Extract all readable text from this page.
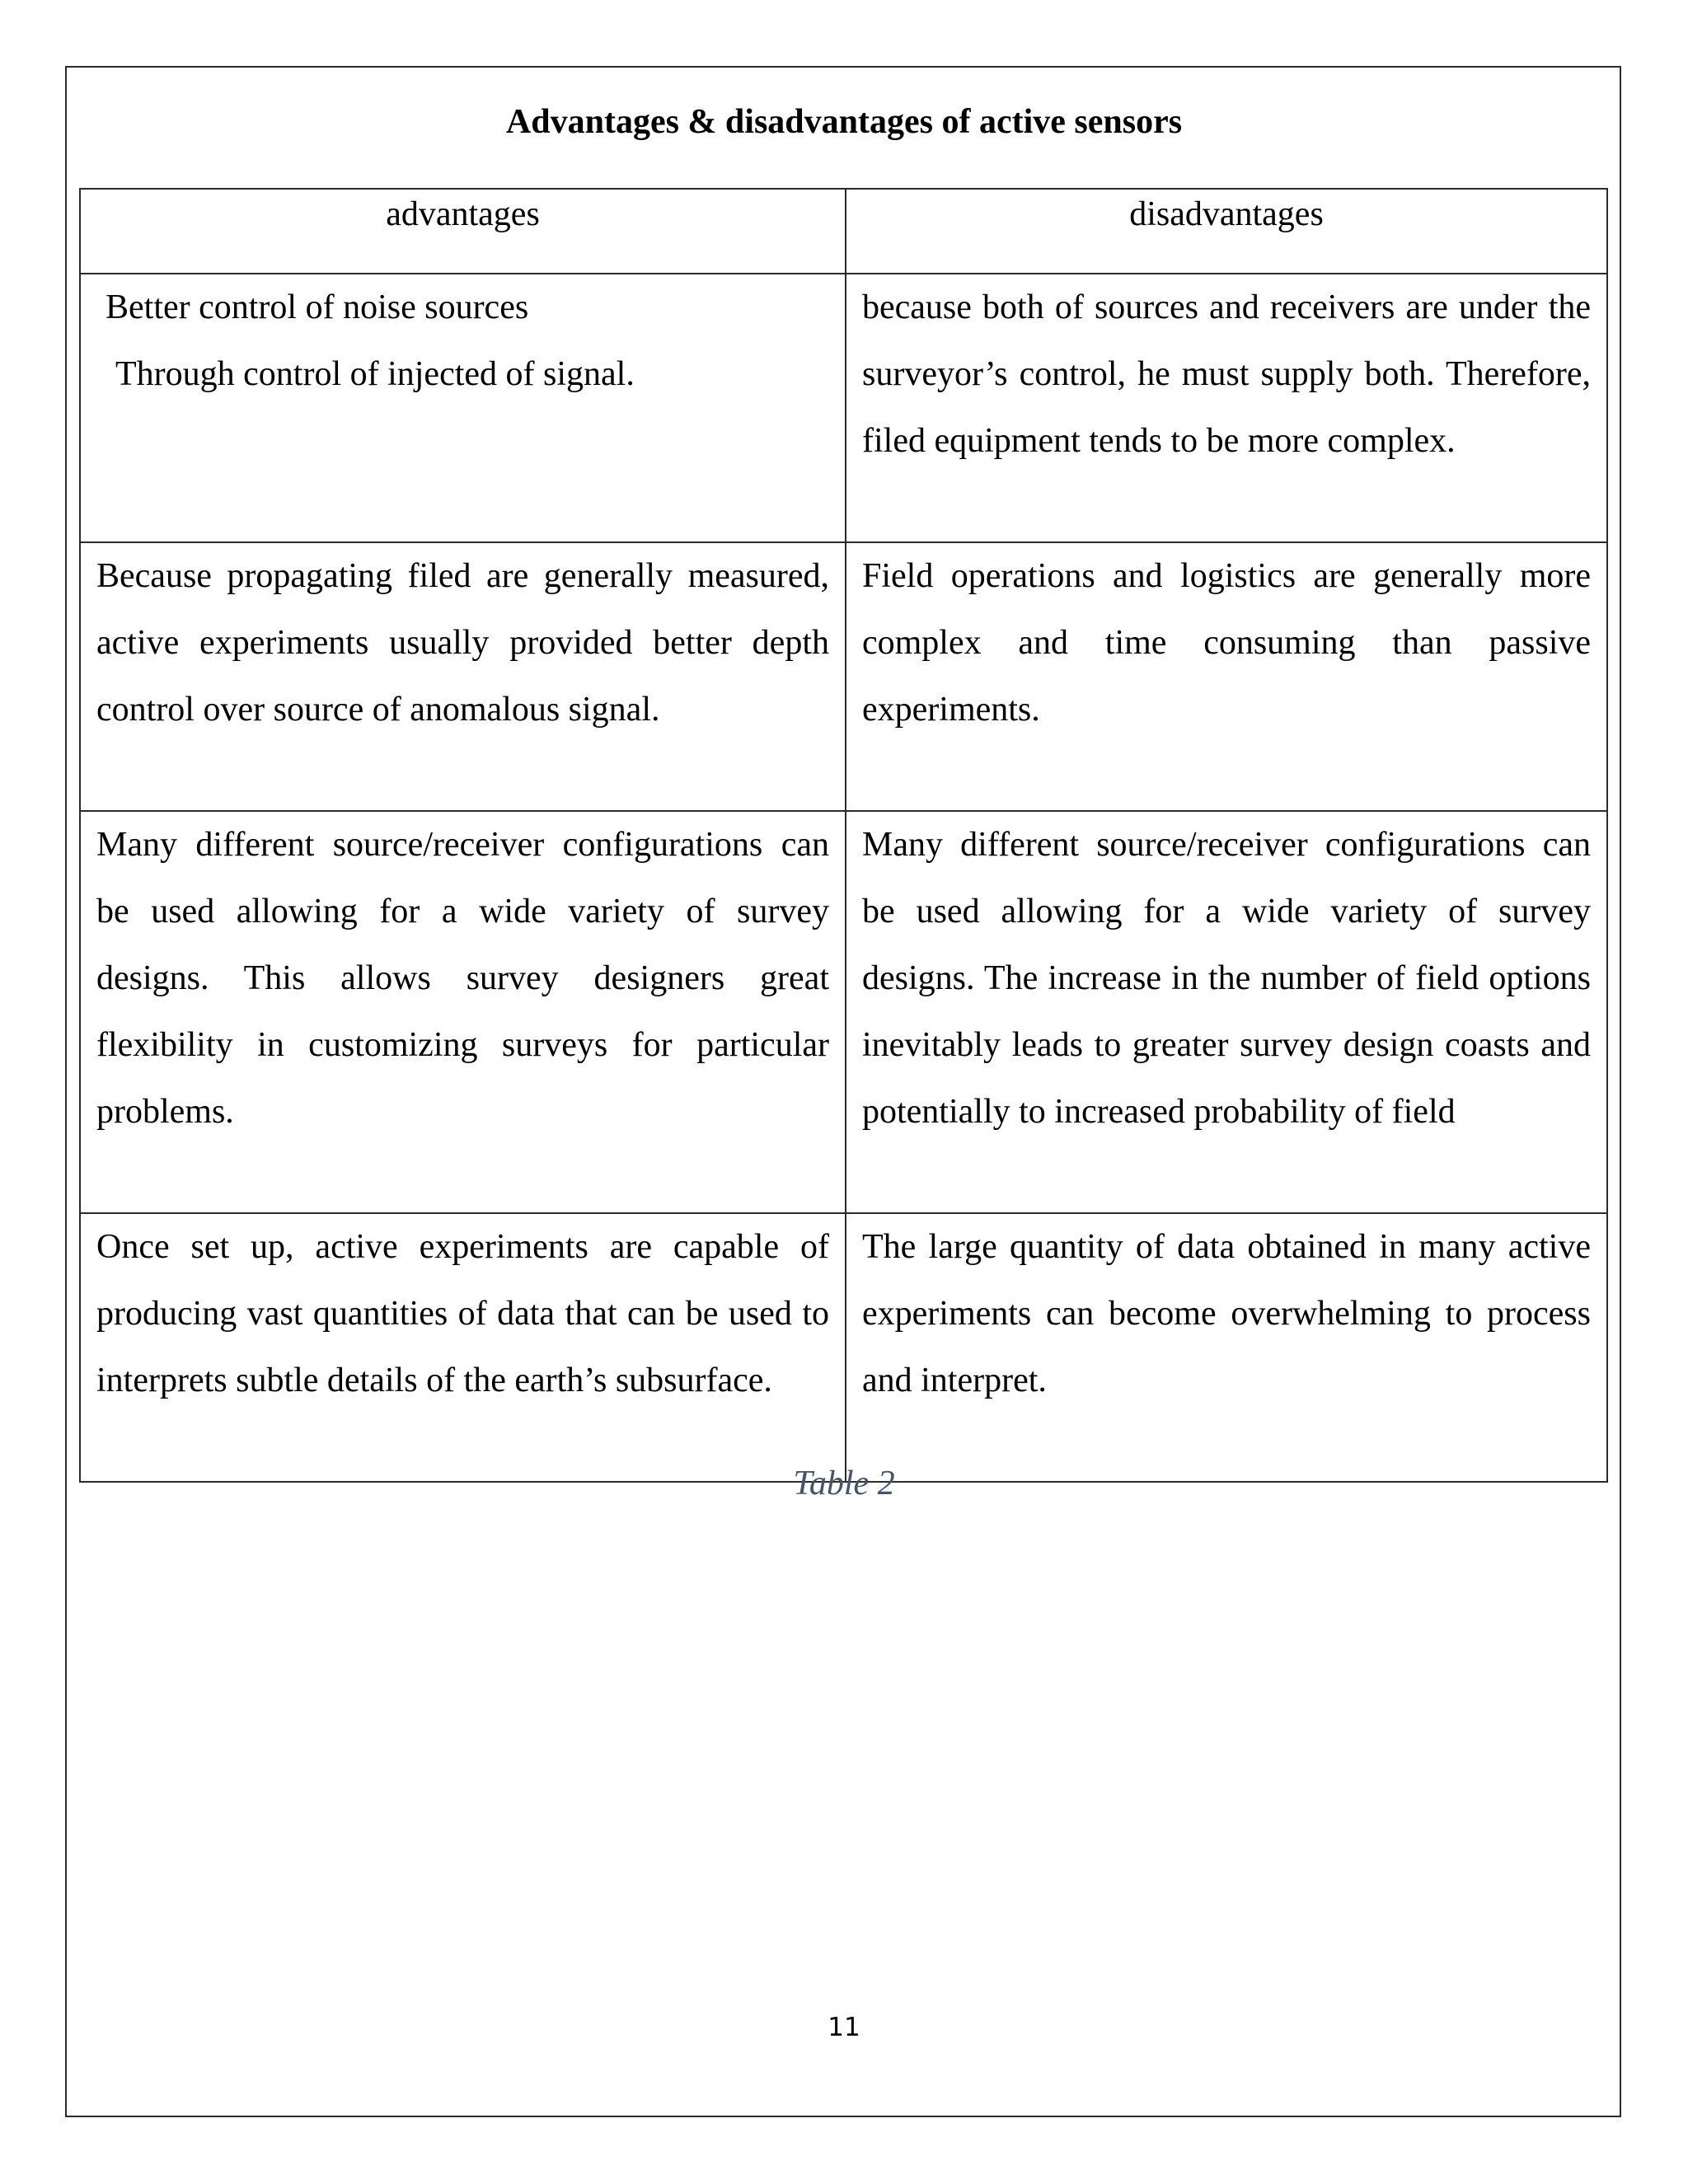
Advantages & disadvantages of active sensors
advantages	disadvantages

Better control of noise sources
Through control of injected of signal.	because both of sources and receivers are under the surveyor’s control, he must supply both. Therefore, filed equipment tends to be more complex.
Because propagating filed are generally measured, active experiments usually provided better depth control over source of anomalous signal.	Field operations and logistics are generally more complex and time consuming than passive experiments.
Many different source/receiver configurations can be used allowing for a wide variety of survey designs. This allows survey designers great flexibility in customizing surveys for particular problems.	Many different source/receiver configurations can be used allowing for a wide variety of survey designs. The increase in the number of field options inevitably leads to greater survey design coasts and potentially to increased probability of field
Once set up, active experiments are capable of producing vast quantities of data that can be used to interprets subtle details of the earth’s subsurface.	The large quantity of data obtained in many active experiments can become overwhelming to process and interpret.

Table 2

11
